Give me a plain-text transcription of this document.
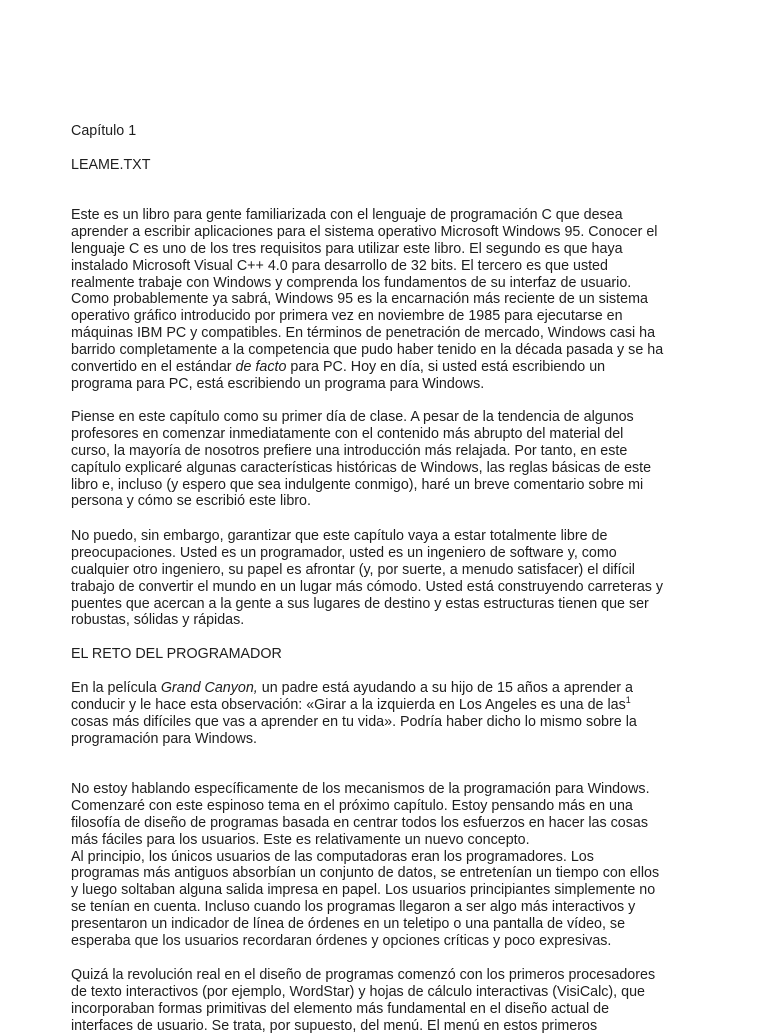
Capítulo 1
LEAME.TXT
Este es un libro para gente familiarizada con el lenguaje de programación C que desea
aprender a escribir aplicaciones para el sistema operativo Microsoft Windows 95. Conocer el
lenguaje C es uno de los tres requisitos para utilizar este libro. El segundo es que haya
instalado Microsoft Visual C++ 4.0 para desarrollo de 32 bits. El tercero es que usted
realmente trabaje con Windows y comprenda los fundamentos de su interfaz de usuario.
Como probablemente ya sabrá, Windows 95 es la encarnación más reciente de un sistema
operativo gráfico introducido por primera vez en noviembre de 1985 para ejecutarse en
máquinas IBM PC y compatibles. En términos de penetración de mercado, Windows casi ha
barrido completamente a la competencia que pudo haber tenido en la década pasada y se ha
convertido en el estándar de facto para PC. Hoy en día, si usted está escribiendo un
programa para PC, está escribiendo un programa para Windows.
Piense en este capítulo como su primer día de clase. A pesar de la tendencia de algunos
profesores en comenzar inmediatamente con el contenido más abrupto del material del
curso, la mayoría de nosotros prefiere una introducción más relajada. Por tanto, en este
capítulo explicaré algunas características históricas de Windows, las reglas básicas de este
libro e, incluso (y espero que sea indulgente conmigo), haré un breve comentario sobre mi
persona y cómo se escribió este libro.
No puedo, sin embargo, garantizar que este capítulo vaya a estar totalmente libre de
preocupaciones. Usted es un programador, usted es un ingeniero de software y, como
cualquier otro ingeniero, su papel es afrontar (y, por suerte, a menudo satisfacer) el difícil
trabajo de convertir el mundo en un lugar más cómodo. Usted está construyendo carreteras y
puentes que acercan a la gente a sus lugares de destino y estas estructuras tienen que ser
robustas, sólidas y rápidas.
EL RETO DEL PROGRAMADOR
En la película Grand Canyon, un padre está ayudando a su hijo de 15 años a aprender a
conducir y le hace esta observación: «Girar a la izquierda en Los Angeles es una de las$^1$
cosas más difíciles que vas a aprender en tu vida». Podría haber dicho lo mismo sobre la
programación para Windows.
No estoy hablando específicamente de los mecanismos de la programación para Windows.
Comenzaré con este espinoso tema en el próximo capítulo. Estoy pensando más en una
filosofía de diseño de programas basada en centrar todos los esfuerzos en hacer las cosas
más fáciles para los usuarios. Este es relativamente un nuevo concepto.
Al principio, los únicos usuarios de las computadoras eran los programadores. Los
programas más antiguos absorbían un conjunto de datos, se entretenían un tiempo con ellos
y luego soltaban alguna salida impresa en papel. Los usuarios principiantes simplemente no
se tenían en cuenta. Incluso cuando los programas llegaron a ser algo más interactivos y
presentaron un indicador de línea de órdenes en un teletipo o una pantalla de vídeo, se
esperaba que los usuarios recordaran órdenes y opciones críticas y poco expresivas.
Quizá la revolución real en el diseño de programas comenzó con los primeros procesadores
de texto interactivos (por ejemplo, WordStar) y hojas de cálculo interactivas (VisiCalc), que
incorporaban formas primitivas del elemento más fundamental en el diseño actual de
interfaces de usuario. Se trata, por supuesto, del menú. El menú en estos primeros
